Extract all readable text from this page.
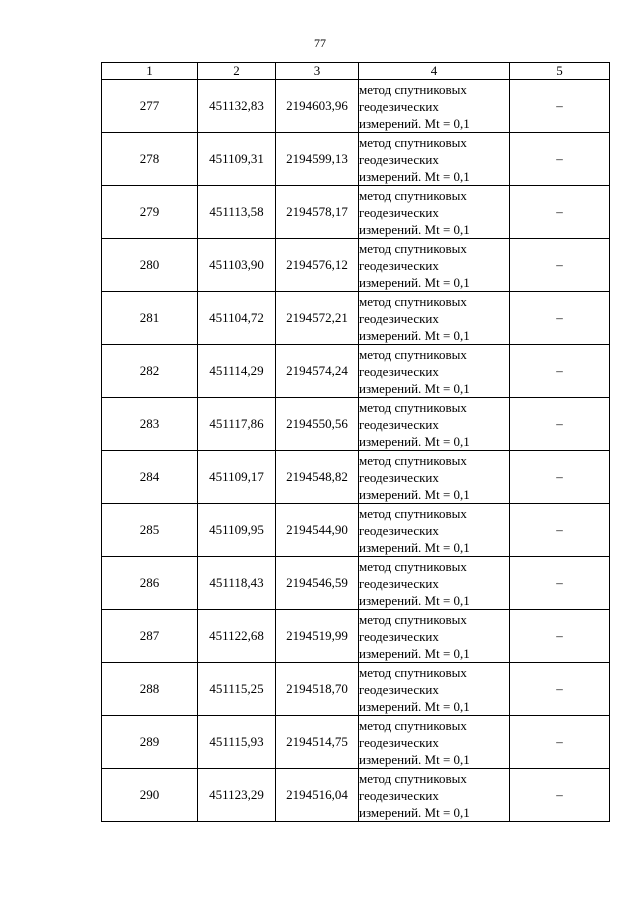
77
1	2	3	4	5
277	451132,83	2194603,96	метод спутниковых
геодезических
измерений. Mt = 0,1	–
278	451109,31	2194599,13	метод спутниковых
геодезических
измерений. Mt = 0,1	–
279	451113,58	2194578,17	метод спутниковых
геодезических
измерений. Mt = 0,1	–
280	451103,90	2194576,12	метод спутниковых
геодезических
измерений. Mt = 0,1	–
281	451104,72	2194572,21	метод спутниковых
геодезических
измерений. Mt = 0,1	–
282	451114,29	2194574,24	метод спутниковых
геодезических
измерений. Mt = 0,1	–
283	451117,86	2194550,56	метод спутниковых
геодезических
измерений. Mt = 0,1	–
284	451109,17	2194548,82	метод спутниковых
геодезических
измерений. Mt = 0,1	–
285	451109,95	2194544,90	метод спутниковых
геодезических
измерений. Mt = 0,1	–
286	451118,43	2194546,59	метод спутниковых
геодезических
измерений. Mt = 0,1	–
287	451122,68	2194519,99	метод спутниковых
геодезических
измерений. Mt = 0,1	–
288	451115,25	2194518,70	метод спутниковых
геодезических
измерений. Mt = 0,1	–
289	451115,93	2194514,75	метод спутниковых
геодезических
измерений. Mt = 0,1	–
290	451123,29	2194516,04	метод спутниковых
геодезических
измерений. Mt = 0,1	–
